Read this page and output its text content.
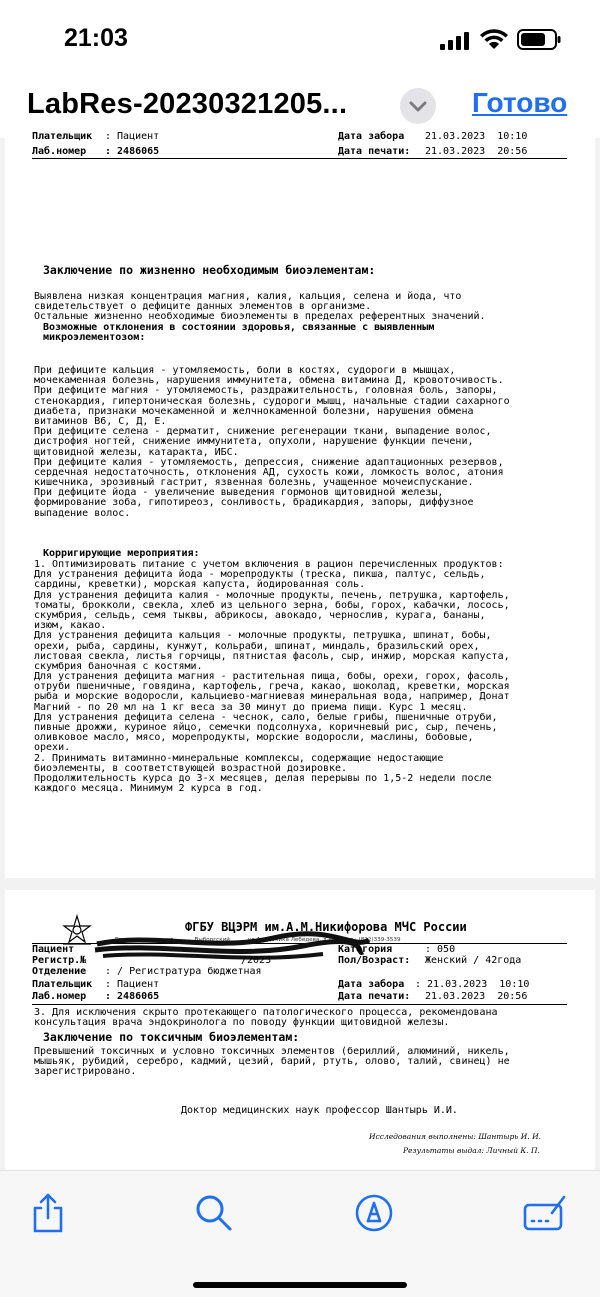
21:03
LabRes-20230321205...	Готово
Плательщик : Пациент	Дата забора 21.03.2023  10:10
Лаб.номер : 2486065	Дата печати: 21.03.2023  20:56
Заключение по жизненно необходимым биоэлементам:
Выявлена низкая концентрация магния, калия, кальция, селена и йода, что
свидетельствует о дефиците данных элементов в организме.
Остальные жизненно необходимые биоэлементы в пределах референтных значений.
Возможные отклонения в состоянии здоровья, связанные с выявленным
микроэлементозом:
При дефиците кальция - утомляемость, боли в костях, судороги в мышцах,
мочекаменная болезнь, нарушения иммунитета, обмена витамина Д, кровоточивость.
При дефиците магния - утомляемость, раздражительность, головная боль, запоры,
стенокардия, гипертоническая болезнь, судороги мышц, начальные стадии сахарного
диабета, признаки мочекаменной и желчнокаменной болезни, нарушения обмена
витаминов В6, С, Д, Е.
При дефиците селена - дерматит, снижение регенерации ткани, выпадение волос,
дистрофия ногтей, снижение иммунитета, опухоли, нарушение функции печени,
щитовидной железы, катаракта, ИБС.
При дефиците калия - утомляемость, депрессия, снижение адаптационных резервов,
сердечная недостаточность, отклонения АД, сухость кожи, ломкость волос, атония
кишечника, эрозивный гастрит, язвенная болезнь, учащенное мочеиспускание.
При дефиците йода - увеличение выведения гормонов щитовидной железы,
формирование зоба, гипотиреоз, сонливость, брадикардия, запоры, диффузное
выпадение волос.
Корригирующие мероприятия:
1. Оптимизировать питание с учетом включения в рацион перечисленных продуктов:
Для устранения дефицита йода - морепродукты (треска, пикша, палтус, сельдь,
сардины, креветки), морская капуста, йодированная соль.
Для устранения дефицита калия - молочные продукты, печень, петрушка, картофель,
томаты, брокколи, свекла, хлеб из цельного зерна, бобы, горох, кабачки, лосось,
скумбрия, сельдь, семя тыквы, абрикосы, авокадо, чернослив, курага, бананы,
изюм, какао.
Для устранения дефицита кальция - молочные продукты, петрушка, шпинат, бобы,
орехи, рыба, сардины, кунжут, кольраби, шпинат, миндаль, бразильский орех,
листовая свекла, листья горчицы, пятнистая фасоль, сыр, инжир, морская капуста,
скумбрия баночная с костями.
Для устранения дефицита магния - растительная пища, бобы, орехи, горох, фасоль,
отруби пшеничные, говядина, картофель, греча, какао, шоколад, креветки, морская
рыба и морские водоросли, кальциево-магниевая минеральная вода, например, Донат
Магний - по 20 мл на 1 кг веса за 30 минут до приема пищи. Курс 1 месяц.
Для устранения дефицита селена - чеснок, сало, белые грибы, пшеничные отруби,
пивные дрожжи, куриное яйцо, семечки подсолнуха, коричневый рис, сыр, печень,
оливковое масло, мясо, морепродукты, морские водоросли, маслины, бобовые,
орехи.
2. Принимать витаминно-минеральные комплексы, содержащие недостающие
биоэлементы, в соответствующей возрастной дозировке.
Продолжительность курса до 3-х месяцев, делая перерывы по 1,5-2 недели после
каждого месяца. Минимум 2 курса в год.
ФГБУ ВЦЭРМ им.А.М.Никифорова МЧС России
Россия, г.           , ул            Выборгский          ул.Академика Лебедева, д.4/2   тел.: (812)339-3539
Пациент	Категория	: 050
Регистр.№	/2023	Пол/Возраст: Женский / 42года
Отделение : / Регистратура бюджетная
Плательщик : Пациент	Дата забора : 21.03.2023  10:10
Лаб.номер : 2486065	Дата печати: 21.03.2023  20:56
3. Для исключения скрыто протекающего патологического процесса, рекомендована
консультация врача эндокринолога по поводу функции щитовидной железы.
Заключение по токсичным биоэлементам:
Превышений токсичных и условно токсичных элементов (бериллий, алюминий, никель,
мышьяк, рубидий, серебро, кадмий, цезий, барий, ртуть, олово, талий, свинец) не
зарегистрировано.
Доктор медицинских наук профессор Шантырь И.И.
Исследования выполнены: Шантырь И. И.
Результаты выдал: Личный К. П.
